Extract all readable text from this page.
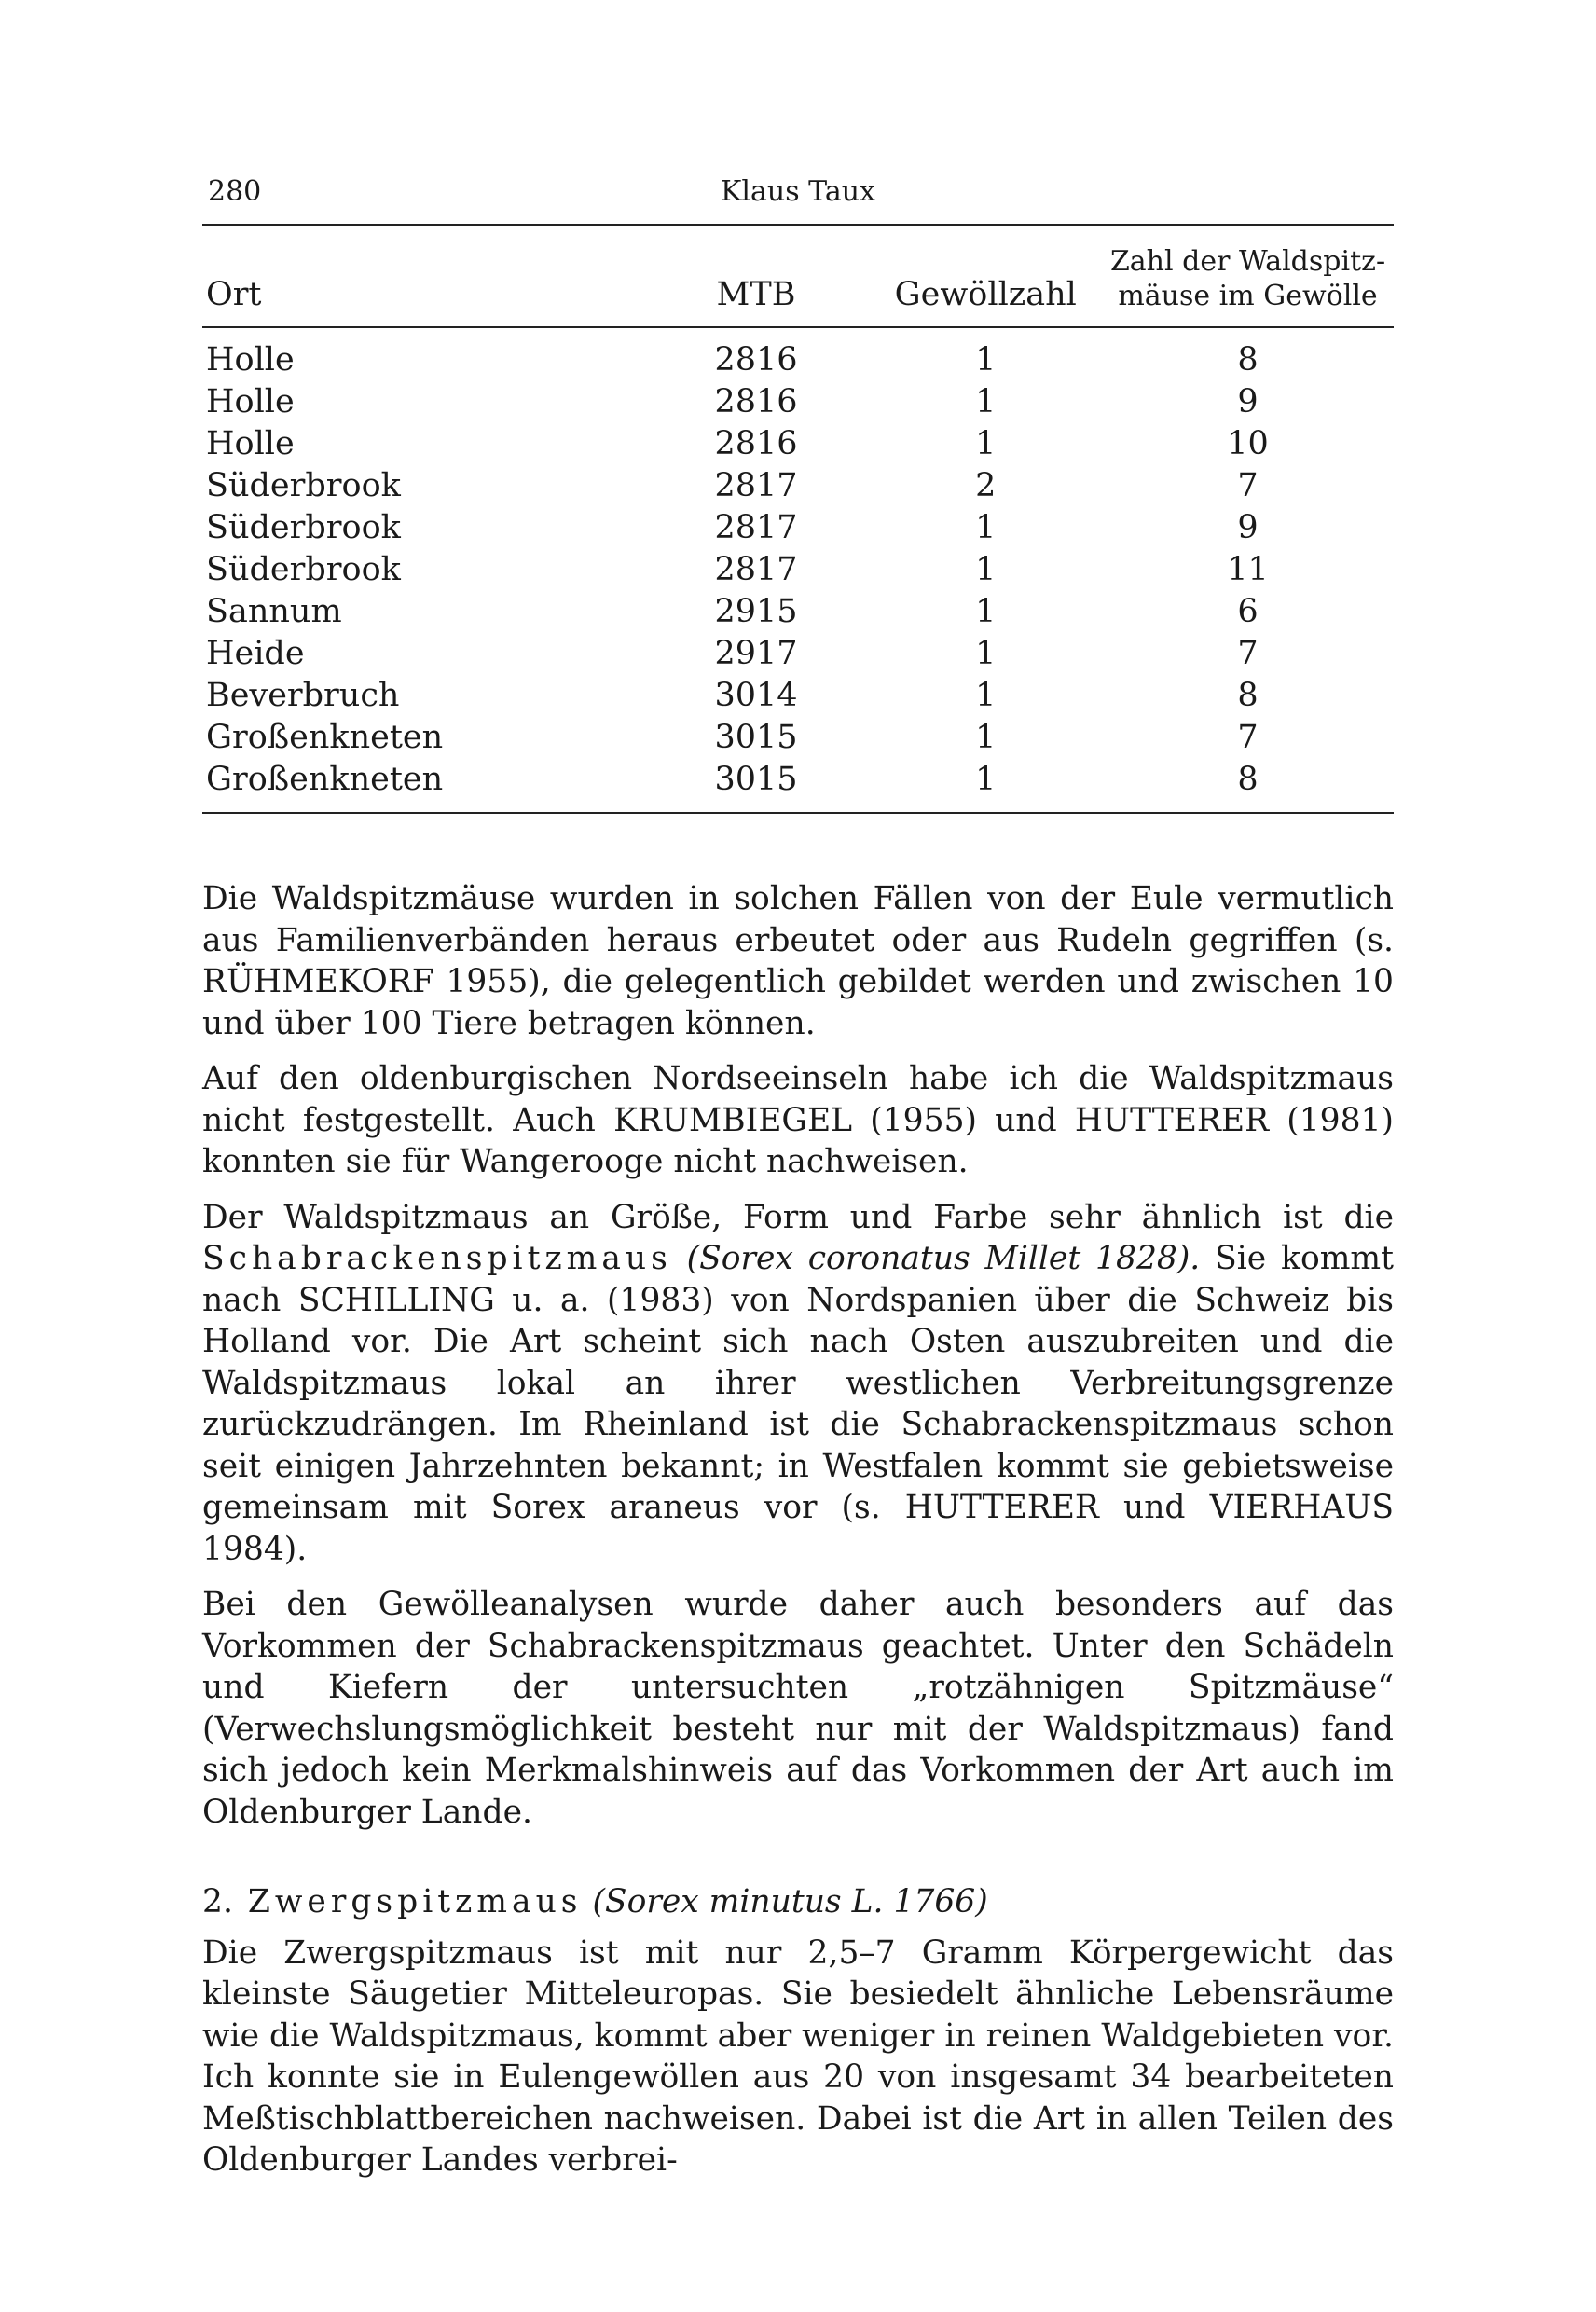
280	Klaus Taux
Ort	MTB	Gewöllzahl	Zahl der Waldspitz-
mäuse im Gewölle
Holle	2816	1	8
Holle	2816	1	9
Holle	2816	1	10
Süderbrook	2817	2	7
Süderbrook	2817	1	9
Süderbrook	2817	1	11
Sannum	2915	1	6
Heide	2917	1	7
Beverbruch	3014	1	8
Großenkneten	3015	1	7
Großenkneten	3015	1	8

Die Waldspitzmäuse wurden in solchen Fällen von der Eule vermutlich aus Familienverbänden heraus erbeutet oder aus Rudeln gegriffen (s. RÜHMEKORF 1955), die gelegentlich gebildet werden und zwischen 10 und über 100 Tiere betragen können.

Auf den oldenburgischen Nordseeinseln habe ich die Waldspitzmaus nicht festgestellt. Auch KRUMBIEGEL (1955) und HUTTERER (1981) konnten sie für Wangerooge nicht nachweisen.

Der Waldspitzmaus an Größe, Form und Farbe sehr ähnlich ist die Schabrackenspitzmaus (Sorex coronatus Millet 1828). Sie kommt nach SCHILLING u. a. (1983) von Nordspanien über die Schweiz bis Holland vor. Die Art scheint sich nach Osten auszubreiten und die Waldspitzmaus lokal an ihrer westlichen Verbreitungsgrenze zurückzudrängen. Im Rheinland ist die Schabrackenspitzmaus schon seit einigen Jahrzehnten bekannt; in Westfalen kommt sie gebietsweise gemeinsam mit Sorex araneus vor (s. HUTTERER und VIERHAUS 1984).

Bei den Gewölleanalysen wurde daher auch besonders auf das Vorkommen der Schabrackenspitzmaus geachtet. Unter den Schädeln und Kiefern der untersuchten „rotzähnigen Spitzmäuse“ (Verwechslungsmöglichkeit besteht nur mit der Waldspitzmaus) fand sich jedoch kein Merkmalshinweis auf das Vorkommen der Art auch im Oldenburger Lande.

2. Zwergspitzmaus (Sorex minutus L. 1766)

Die Zwergspitzmaus ist mit nur 2,5–7 Gramm Körpergewicht das kleinste Säugetier Mitteleuropas. Sie besiedelt ähnliche Lebensräume wie die Waldspitzmaus, kommt aber weniger in reinen Waldgebieten vor. Ich konnte sie in Eulengewöllen aus 20 von insgesamt 34 bearbeiteten Meßtischblattbereichen nachweisen. Dabei ist die Art in allen Teilen des Oldenburger Landes verbrei-
